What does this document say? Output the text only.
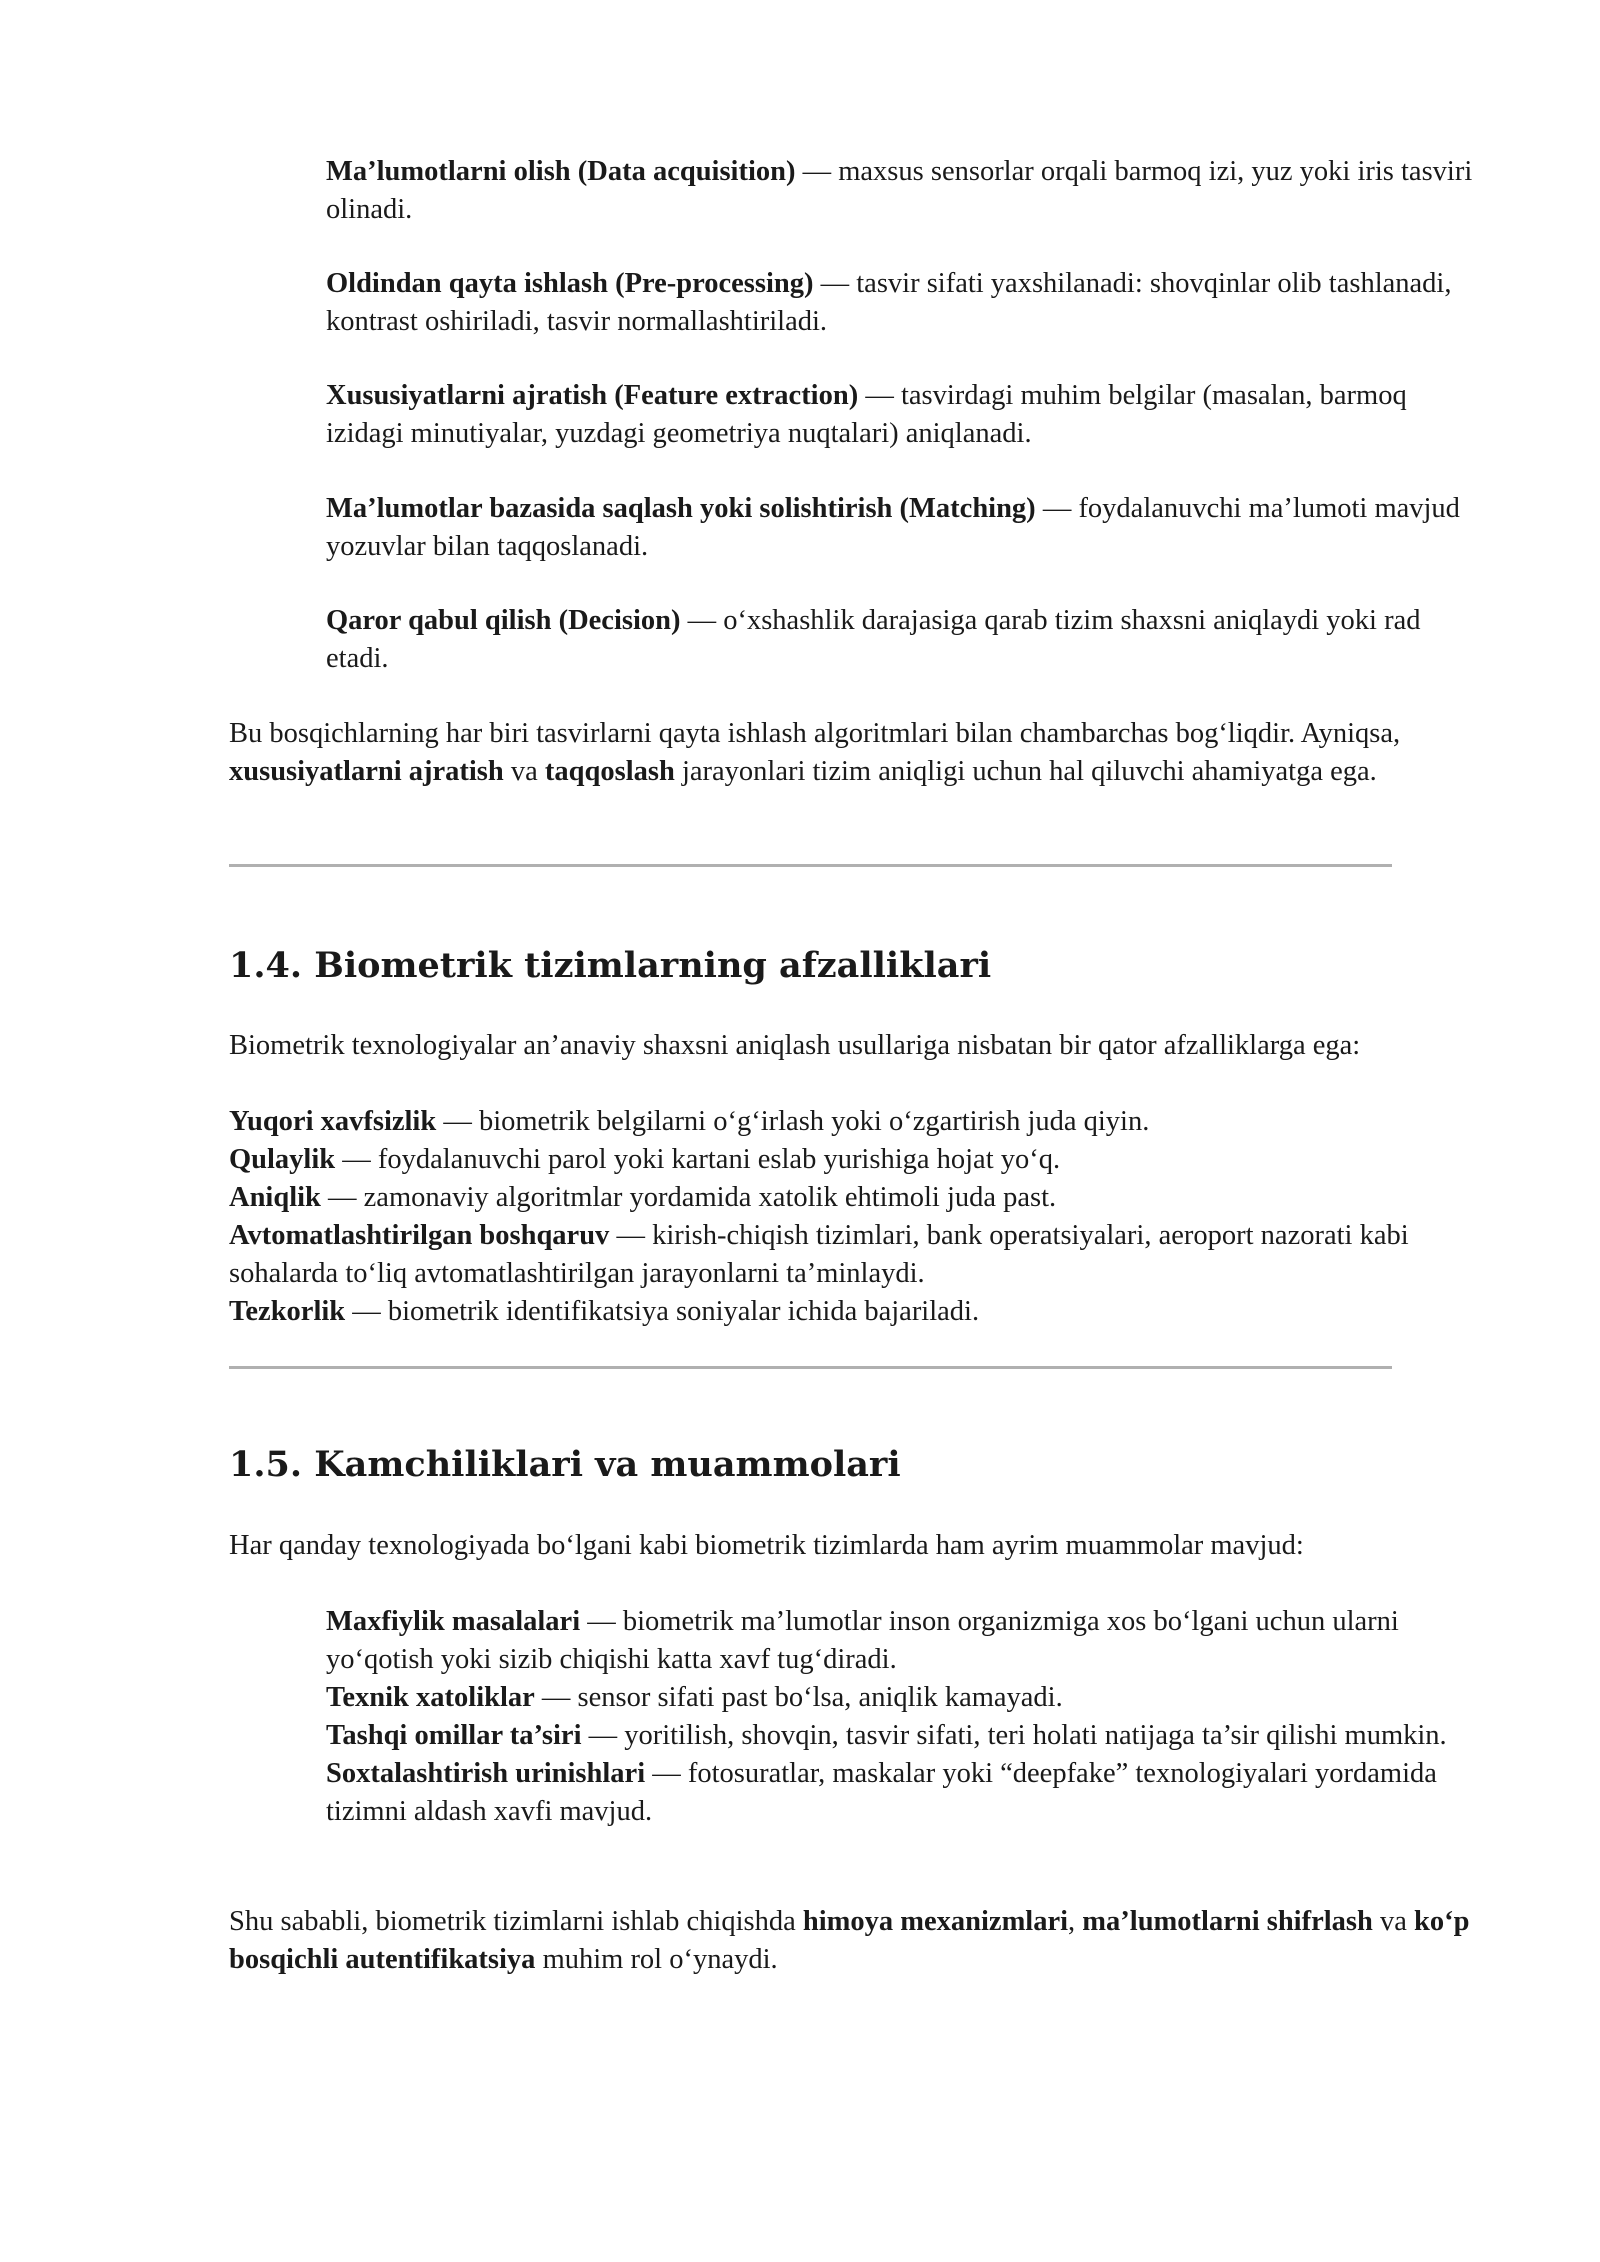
Ma’lumotlarni olish (Data acquisition) — maxsus sensorlar orqali barmoq izi, yuz yoki iris tasviri olinadi.

Oldindan qayta ishlash (Pre-processing) — tasvir sifati yaxshilanadi: shovqinlar olib tashlanadi, kontrast oshiriladi, tasvir normallashtiriladi.

Xususiyatlarni ajratish (Feature extraction) — tasvirdagi muhim belgilar (masalan, barmoq izidagi minutiyalar, yuzdagi geometriya nuqtalari) aniqlanadi.

Ma’lumotlar bazasida saqlash yoki solishtirish (Matching) — foydalanuvchi ma’lumoti mavjud yozuvlar bilan taqqoslanadi.

Qaror qabul qilish (Decision) — o‘xshashlik darajasiga qarab tizim shaxsni aniqlaydi yoki rad etadi.

Bu bosqichlarning har biri tasvirlarni qayta ishlash algoritmlari bilan chambarchas bog‘liqdir. Ayniqsa, xususiyatlarni ajratish va taqqoslash jarayonlari tizim aniqligi uchun hal qiluvchi ahamiyatga ega.

1.4. Biometrik tizimlarning afzalliklari

Biometrik texnologiyalar an’anaviy shaxsni aniqlash usullariga nisbatan bir qator afzalliklarga ega:

Yuqori xavfsizlik — biometrik belgilarni o‘g‘irlash yoki o‘zgartirish juda qiyin.
Qulaylik — foydalanuvchi parol yoki kartani eslab yurishiga hojat yo‘q.
Aniqlik — zamonaviy algoritmlar yordamida xatolik ehtimoli juda past.
Avtomatlashtirilgan boshqaruv — kirish-chiqish tizimlari, bank operatsiyalari, aeroport nazorati kabi sohalarda to‘liq avtomatlashtirilgan jarayonlarni ta’minlaydi.
Tezkorlik — biometrik identifikatsiya soniyalar ichida bajariladi.
1.5. Kamchiliklari va muammolari

Har qanday texnologiyada bo‘lgani kabi biometrik tizimlarda ham ayrim muammolar mavjud:

Maxfiylik masalalari — biometrik ma’lumotlar inson organizmiga xos bo‘lgani uchun ularni yo‘qotish yoki sizib chiqishi katta xavf tug‘diradi.
Texnik xatoliklar — sensor sifati past bo‘lsa, aniqlik kamayadi.
Tashqi omillar ta’siri — yoritilish, shovqin, tasvir sifati, teri holati natijaga ta’sir qilishi mumkin.
Soxtalashtirish urinishlari — fotosuratlar, maskalar yoki “deepfake” texnologiyalari yordamida tizimni aldash xavfi mavjud.

Shu sababli, biometrik tizimlarni ishlab chiqishda himoya mexanizmlari, ma’lumotlarni shifrlash va ko‘p bosqichli autentifikatsiya muhim rol o‘ynaydi.
